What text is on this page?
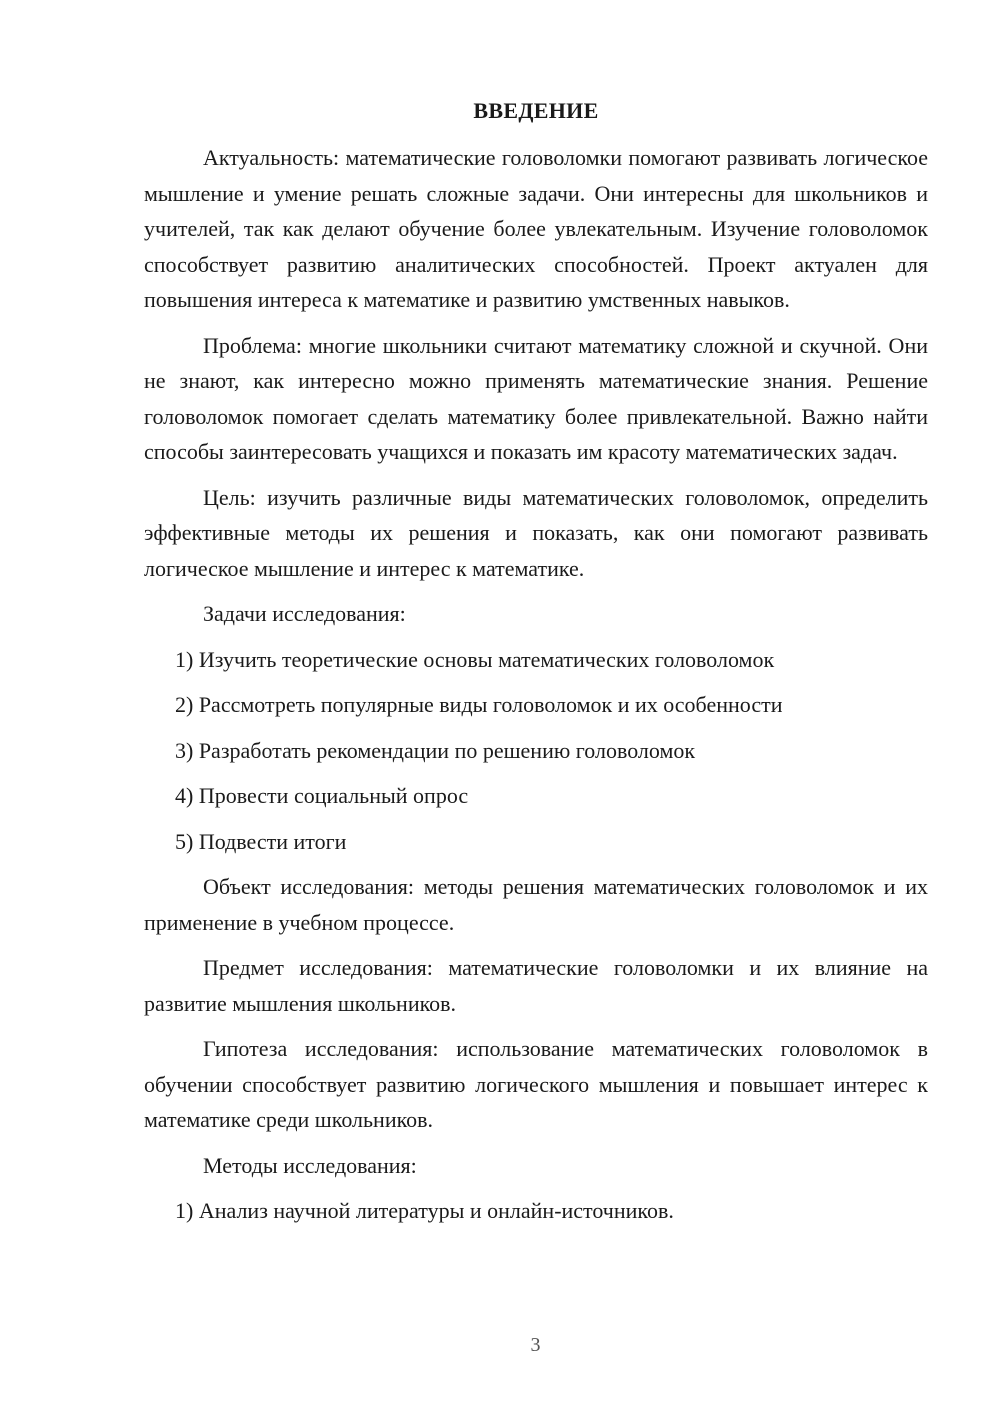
ВВЕДЕНИЕ

Актуальность: математические головоломки помогают развивать логическое мышление и умение решать сложные задачи. Они интересны для школьников и учителей, так как делают обучение более увлекательным. Изучение головоломок способствует развитию аналитических способностей. Проект актуален для повышения интереса к математике и развитию умственных навыков.

Проблема: многие школьники считают математику сложной и скучной. Они не знают, как интересно можно применять математические знания. Решение головоломок помогает сделать математику более привлекательной. Важно найти способы заинтересовать учащихся и показать им красоту математических задач.

Цель: изучить различные виды математических головоломок, определить эффективные методы их решения и показать, как они помогают развивать логическое мышление и интерес к математике.

Задачи исследования:
1) Изучить теоретические основы математических головоломок
2) Рассмотреть популярные виды головоломок и их особенности
3) Разработать рекомендации по решению головоломок
4) Провести социальный опрос
5) Подвести итоги

Объект исследования: методы решения математических головоломок и их применение в учебном процессе.

Предмет исследования: математические головоломки и их влияние на развитие мышления школьников.

Гипотеза исследования: использование математических головоломок в обучении способствует развитию логического мышления и повышает интерес к математике среди школьников.

Методы исследования:
1) Анализ научной литературы и онлайн-источников.
3
